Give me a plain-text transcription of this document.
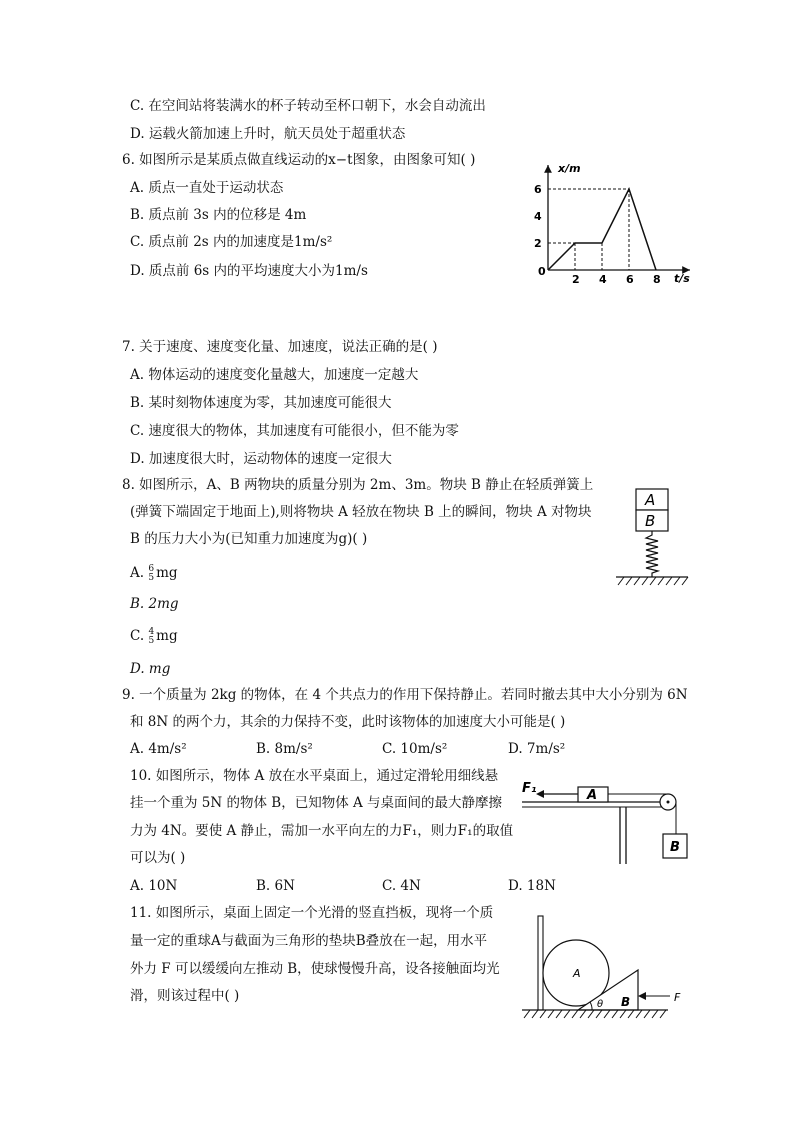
C. 在空间站将装满水的杯子转动至杯口朝下，水会自动流出
D. 运载火箭加速上升时，航天员处于超重状态
6. 如图所示是某质点做直线运动的x−t图象，由图象可知( )
A. 质点一直处于运动状态
B. 质点前 3s 内的位移是 4m
C. 质点前 2s 内的加速度是1m/s²
D. 质点前 6s 内的平均速度大小为1m/s
x/m
t/s
0
2
4
6
2 4 6 8
7. 关于速度、速度变化量、加速度，说法正确的是( )
A. 物体运动的速度变化量越大，加速度一定越大
B. 某时刻物体速度为零，其加速度可能很大
C. 速度很大的物体，其加速度有可能很小，但不能为零
D. 加速度很大时，运动物体的速度一定很大
8. 如图所示，A、B 两物块的质量分别为 2m、3m。物块 B 静止在轻质弹簧上
(弹簧下端固定于地面上),则将物块 A 轻放在物块 B 上的瞬间，物块 A 对物块
B 的压力大小为(已知重力加速度为g)( )
A. 6
5 mg
B. 2mg
C. 4
5 mg
D. mg
A
B
9. 一个质量为 2kg 的物体，在 4 个共点力的作用下保持静止。若同时撤去其中大小分别为 6N
和 8N 的两个力，其余的力保持不变，此时该物体的加速度大小可能是( )
A. 4m/s²	B. 8m/s²	C. 10m/s²	D. 7m/s²
10. 如图所示，物体 A 放在水平桌面上，通过定滑轮用细线悬
挂一个重为 5N 的物体 B，已知物体 A 与桌面间的最大静摩擦
力为 4N。要使 A 静止，需加一水平向左的力F₁，则力F₁的取值
可以为( )
A. 10N	B. 6N	C. 4N	D. 18N
A
B
F₁
11. 如图所示，桌面上固定一个光滑的竖直挡板，现将一个质
量一定的重球A与截面为三角形的垫块B叠放在一起，用水平
外力 F 可以缓缓向左推动 B，使球慢慢升高，设各接触面均光
滑，则该过程中( )
A
B
θ
F
